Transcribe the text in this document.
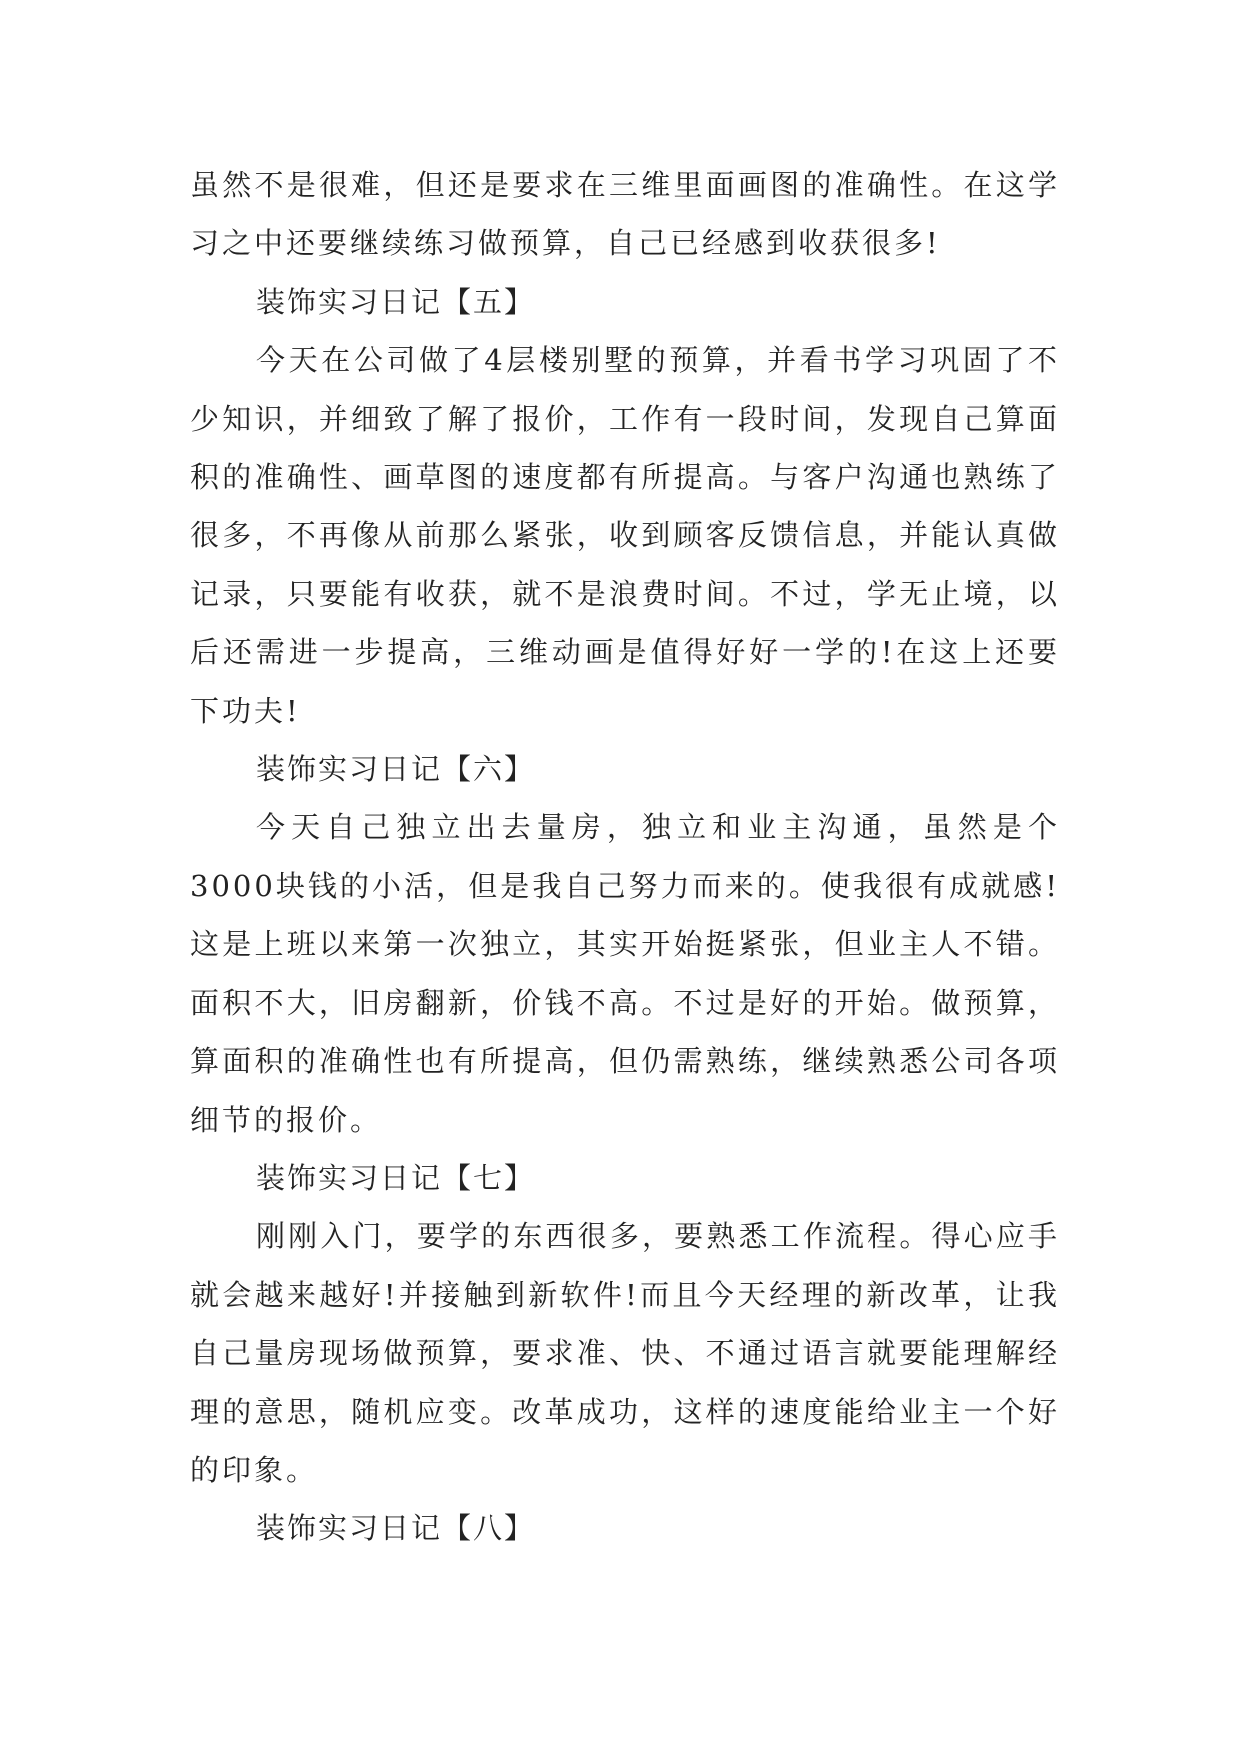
虽然不是很难，但还是要求在三维里面画图的准确性。在这学习之中还要继续练习做预算，自己已经感到收获很多!

装饰实习日记【五】

今天在公司做了4层楼别墅的预算，并看书学习巩固了不少知识，并细致了解了报价，工作有一段时间，发现自己算面积的准确性、画草图的速度都有所提高。与客户沟通也熟练了很多，不再像从前那么紧张，收到顾客反馈信息，并能认真做记录，只要能有收获，就不是浪费时间。不过，学无止境，以后还需进一步提高，三维动画是值得好好一学的!在这上还要下功夫!

装饰实习日记【六】

今天自己独立出去量房，独立和业主沟通，虽然是个3000块钱的小活，但是我自己努力而来的。使我很有成就感!这是上班以来第一次独立，其实开始挺紧张，但业主人不错。面积不大，旧房翻新，价钱不高。不过是好的开始。做预算，算面积的准确性也有所提高，但仍需熟练，继续熟悉公司各项细节的报价。

装饰实习日记【七】

刚刚入门，要学的东西很多，要熟悉工作流程。得心应手就会越来越好!并接触到新软件!而且今天经理的新改革，让我自己量房现场做预算，要求准、快、不通过语言就要能理解经理的意思，随机应变。改革成功，这样的速度能给业主一个好的印象。

装饰实习日记【八】
